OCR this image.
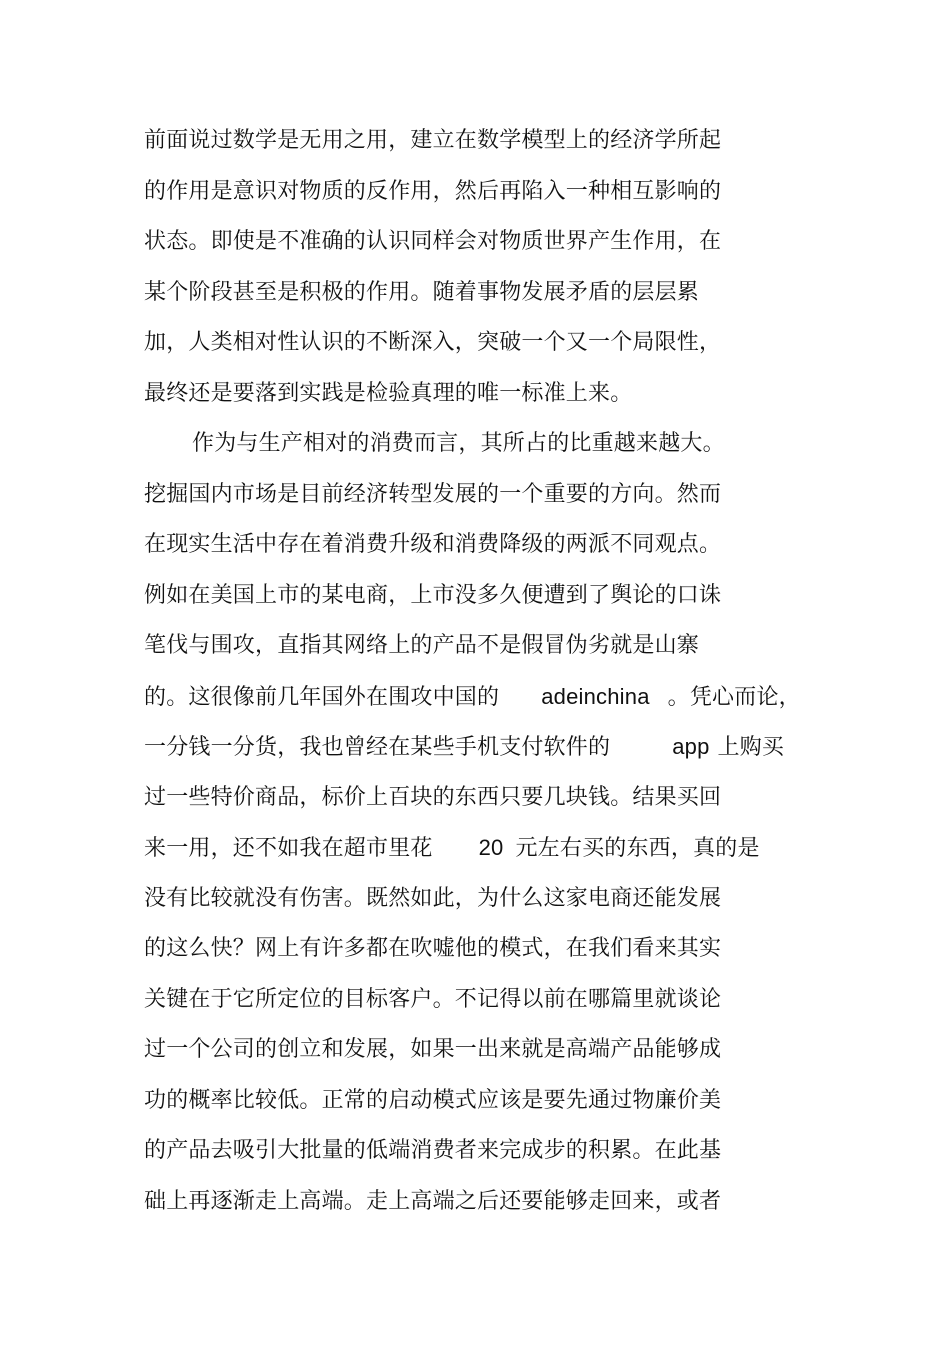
前面说过数学是无用之用，建立在数学模型上的经济学所起
的作用是意识对物质的反作用，然后再陷入一种相互影响的
状态。即使是不准确的认识同样会对物质世界产生作用，在
某个阶段甚至是积极的作用。随着事物发展矛盾的层层累
加，人类相对性认识的不断深入，突破一个又一个局限性，
最终还是要落到实践是检验真理的唯一标准上来。
作为与生产相对的消费而言，其所占的比重越来越大。
挖掘国内市场是目前经济转型发展的一个重要的方向。然而
在现实生活中存在着消费升级和消费降级的两派不同观点。
例如在美国上市的某电商，上市没多久便遭到了舆论的口诛
笔伐与围攻，直指其网络上的产品不是假冒伪劣就是山寨
的。这很像前几年国外在围攻中国的 adeinchina 。凭心而论，
一分钱一分货，我也曾经在某些手机支付软件的	app 上购买
过一些特价商品，标价上百块的东西只要几块钱。结果买回
来一用，还不如我在超市里花 20 元左右买的东西，真的是
没有比较就没有伤害。既然如此，为什么这家电商还能发展
的这么快？网上有许多都在吹嘘他的模式，在我们看来其实
关键在于它所定位的目标客户。不记得以前在哪篇里就谈论
过一个公司的创立和发展，如果一出来就是高端产品能够成
功的概率比较低。正常的启动模式应该是要先通过物廉价美
的产品去吸引大批量的低端消费者来完成步的积累。在此基
础上再逐渐走上高端。走上高端之后还要能够走回来，或者
